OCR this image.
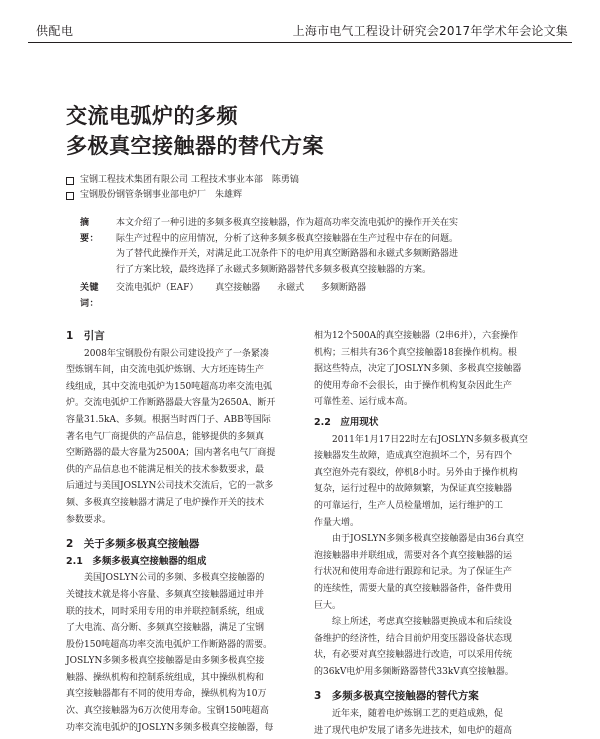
供配电	上海市电气工程设计研究会2017年学术年会论文集
交流电弧炉的多频
多极真空接触器的替代方案
宝钢工程技术集团有限公司 工程技术事业本部　陈勇镐
宝钢股份钢管条钢事业部电炉厂　朱雄辉
摘　要：
本文介绍了一种引进的多频多极真空接触器，作为超高功率交流电弧炉的操作开关在实
际生产过程中的应用情况，分析了这种多频多极真空接触器在生产过程中存在的问题。
为了替代此操作开关，对满足此工况条件下的电炉用真空断路器和永磁式多频断路器进
行了方案比较，最终选择了永磁式多频断路器替代多频多极真空接触器的方案。
关键词：
交流电弧炉（EAF） 真空接触器 永磁式 多频断路器
1　引言
2008年宝钢股份有限公司建设投产了一条紧凑
型炼钢车间，由交流电弧炉炼钢、大方坯连铸生产
线组成，其中交流电弧炉为150吨超高功率交流电弧
炉。交流电弧炉工作断路器最大容量为2650A、断开
容量31.5kA、多频。根据当时西门子、ABB等国际
著名电气厂商提供的产品信息，能够提供的多频真
空断路器的最大容量为2500A；国内著名电气厂商提
供的产品信息也不能满足相关的技术参数要求，最
后通过与美国JOSLYN公司技术交流后，它的一款多
频、多极真空接触器才满足了电炉操作开关的技术
参数要求。
2　关于多频多极真空接触器
2.1　多频多极真空接触器的组成
美国JOSLYN公司的多频、多极真空接触器的
关键技术就是将小容量、多频真空接触器通过串并
联的技术，同时采用专用的串并联控制系统，组成
了大电流、高分断、多频真空接触器，满足了宝钢
股份150吨超高功率交流电弧炉工作断路器的需要。
JOSLYN多频多极真空接触器是由多频多极真空接
触器、操纵机构和控制系统组成，其中操纵机构和
真空接触器都有不同的使用寿命，操纵机构为10万
次、真空接触器为6万次使用寿命。宝钢150吨超高
功率交流电弧炉的JOSLYN多频多极真空接触器，每
相为12个500A的真空接触器（2串6并），六套操作
机构；三相共有36个真空接触器18套操作机构。根
据这些特点，决定了JOSLYN多频、多极真空接触器
的使用寿命不会很长，由于操作机构复杂因此生产
可靠性差、运行成本高。
2.2　应用现状
2011年1月17日22时左右JOSLYN多频多极真空
接触器发生故障，造成真空泡损坏二个，另有四个
真空泡外壳有裂纹，停机8小时。另外由于操作机构
复杂，运行过程中的故障频繁，为保证真空接触器
的可靠运行，生产人员检量增加，运行维护的工
作量大增。
由于JOSLYN多频多极真空接触器是由36台真空
泡接触器串并联组成，需要对各个真空接触器的运
行状况和使用寿命进行跟踪和记录。为了保证生产
的连续性，需要大量的真空接触器备件，备件费用
巨大。
综上所述，考虑真空接触器更换成本和后续设
备维护的经济性，结合目前炉用变压器设备状态现
状，有必要对真空接触器进行改造，可以采用传统
的36kV电炉用多频断路器替代33kV真空接触器。
3　多频多极真空接触器的替代方案
近年来，随着电炉炼钢工艺的更趋成熟，促
进了现代电炉发展了诸多先进技术，如电炉的超高
